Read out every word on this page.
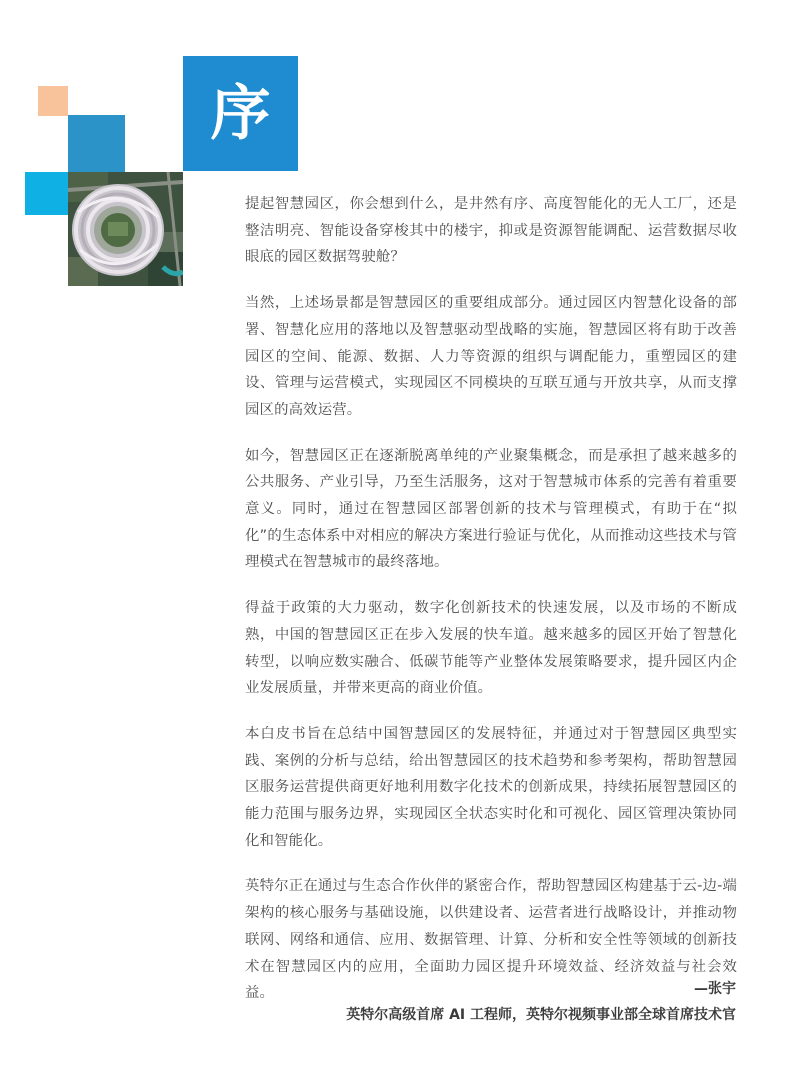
序

提起智慧园区，你会想到什么，是井然有序、高度智能化的无人工厂，还是整洁明亮、智能设备穿梭其中的楼宇，抑或是资源智能调配、运营数据尽收眼底的园区数据驾驶舱？

当然，上述场景都是智慧园区的重要组成部分。通过园区内智慧化设备的部署、智慧化应用的落地以及智慧驱动型战略的实施，智慧园区将有助于改善园区的空间、能源、数据、人力等资源的组织与调配能力，重塑园区的建设、管理与运营模式，实现园区不同模块的互联互通与开放共享，从而支撑园区的高效运营。

如今，智慧园区正在逐渐脱离单纯的产业聚集概念，而是承担了越来越多的公共服务、产业引导，乃至生活服务，这对于智慧城市体系的完善有着重要意义。同时，通过在智慧园区部署创新的技术与管理模式，有助于在“拟化”的生态体系中对相应的解决方案进行验证与优化，从而推动这些技术与管理模式在智慧城市的最终落地。

得益于政策的大力驱动，数字化创新技术的快速发展，以及市场的不断成熟，中国的智慧园区正在步入发展的快车道。越来越多的园区开始了智慧化转型，以响应数实融合、低碳节能等产业整体发展策略要求，提升园区内企业发展质量，并带来更高的商业价值。

本白皮书旨在总结中国智慧园区的发展特征，并通过对于智慧园区典型实践、案例的分析与总结，给出智慧园区的技术趋势和参考架构，帮助智慧园区服务运营提供商更好地利用数字化技术的创新成果，持续拓展智慧园区的能力范围与服务边界，实现园区全状态实时化和可视化、园区管理决策协同化和智能化。

英特尔正在通过与生态合作伙伴的紧密合作，帮助智慧园区构建基于云-边-端架构的核心服务与基础设施，以供建设者、运营者进行战略设计，并推动物联网、网络和通信、应用、数据管理、计算、分析和安全性等领域的创新技术在智慧园区内的应用，全面助力园区提升环境效益、经济效益与社会效益。	—张宇
英特尔高级首席 AI 工程师，英特尔视频事业部全球首席技术官
